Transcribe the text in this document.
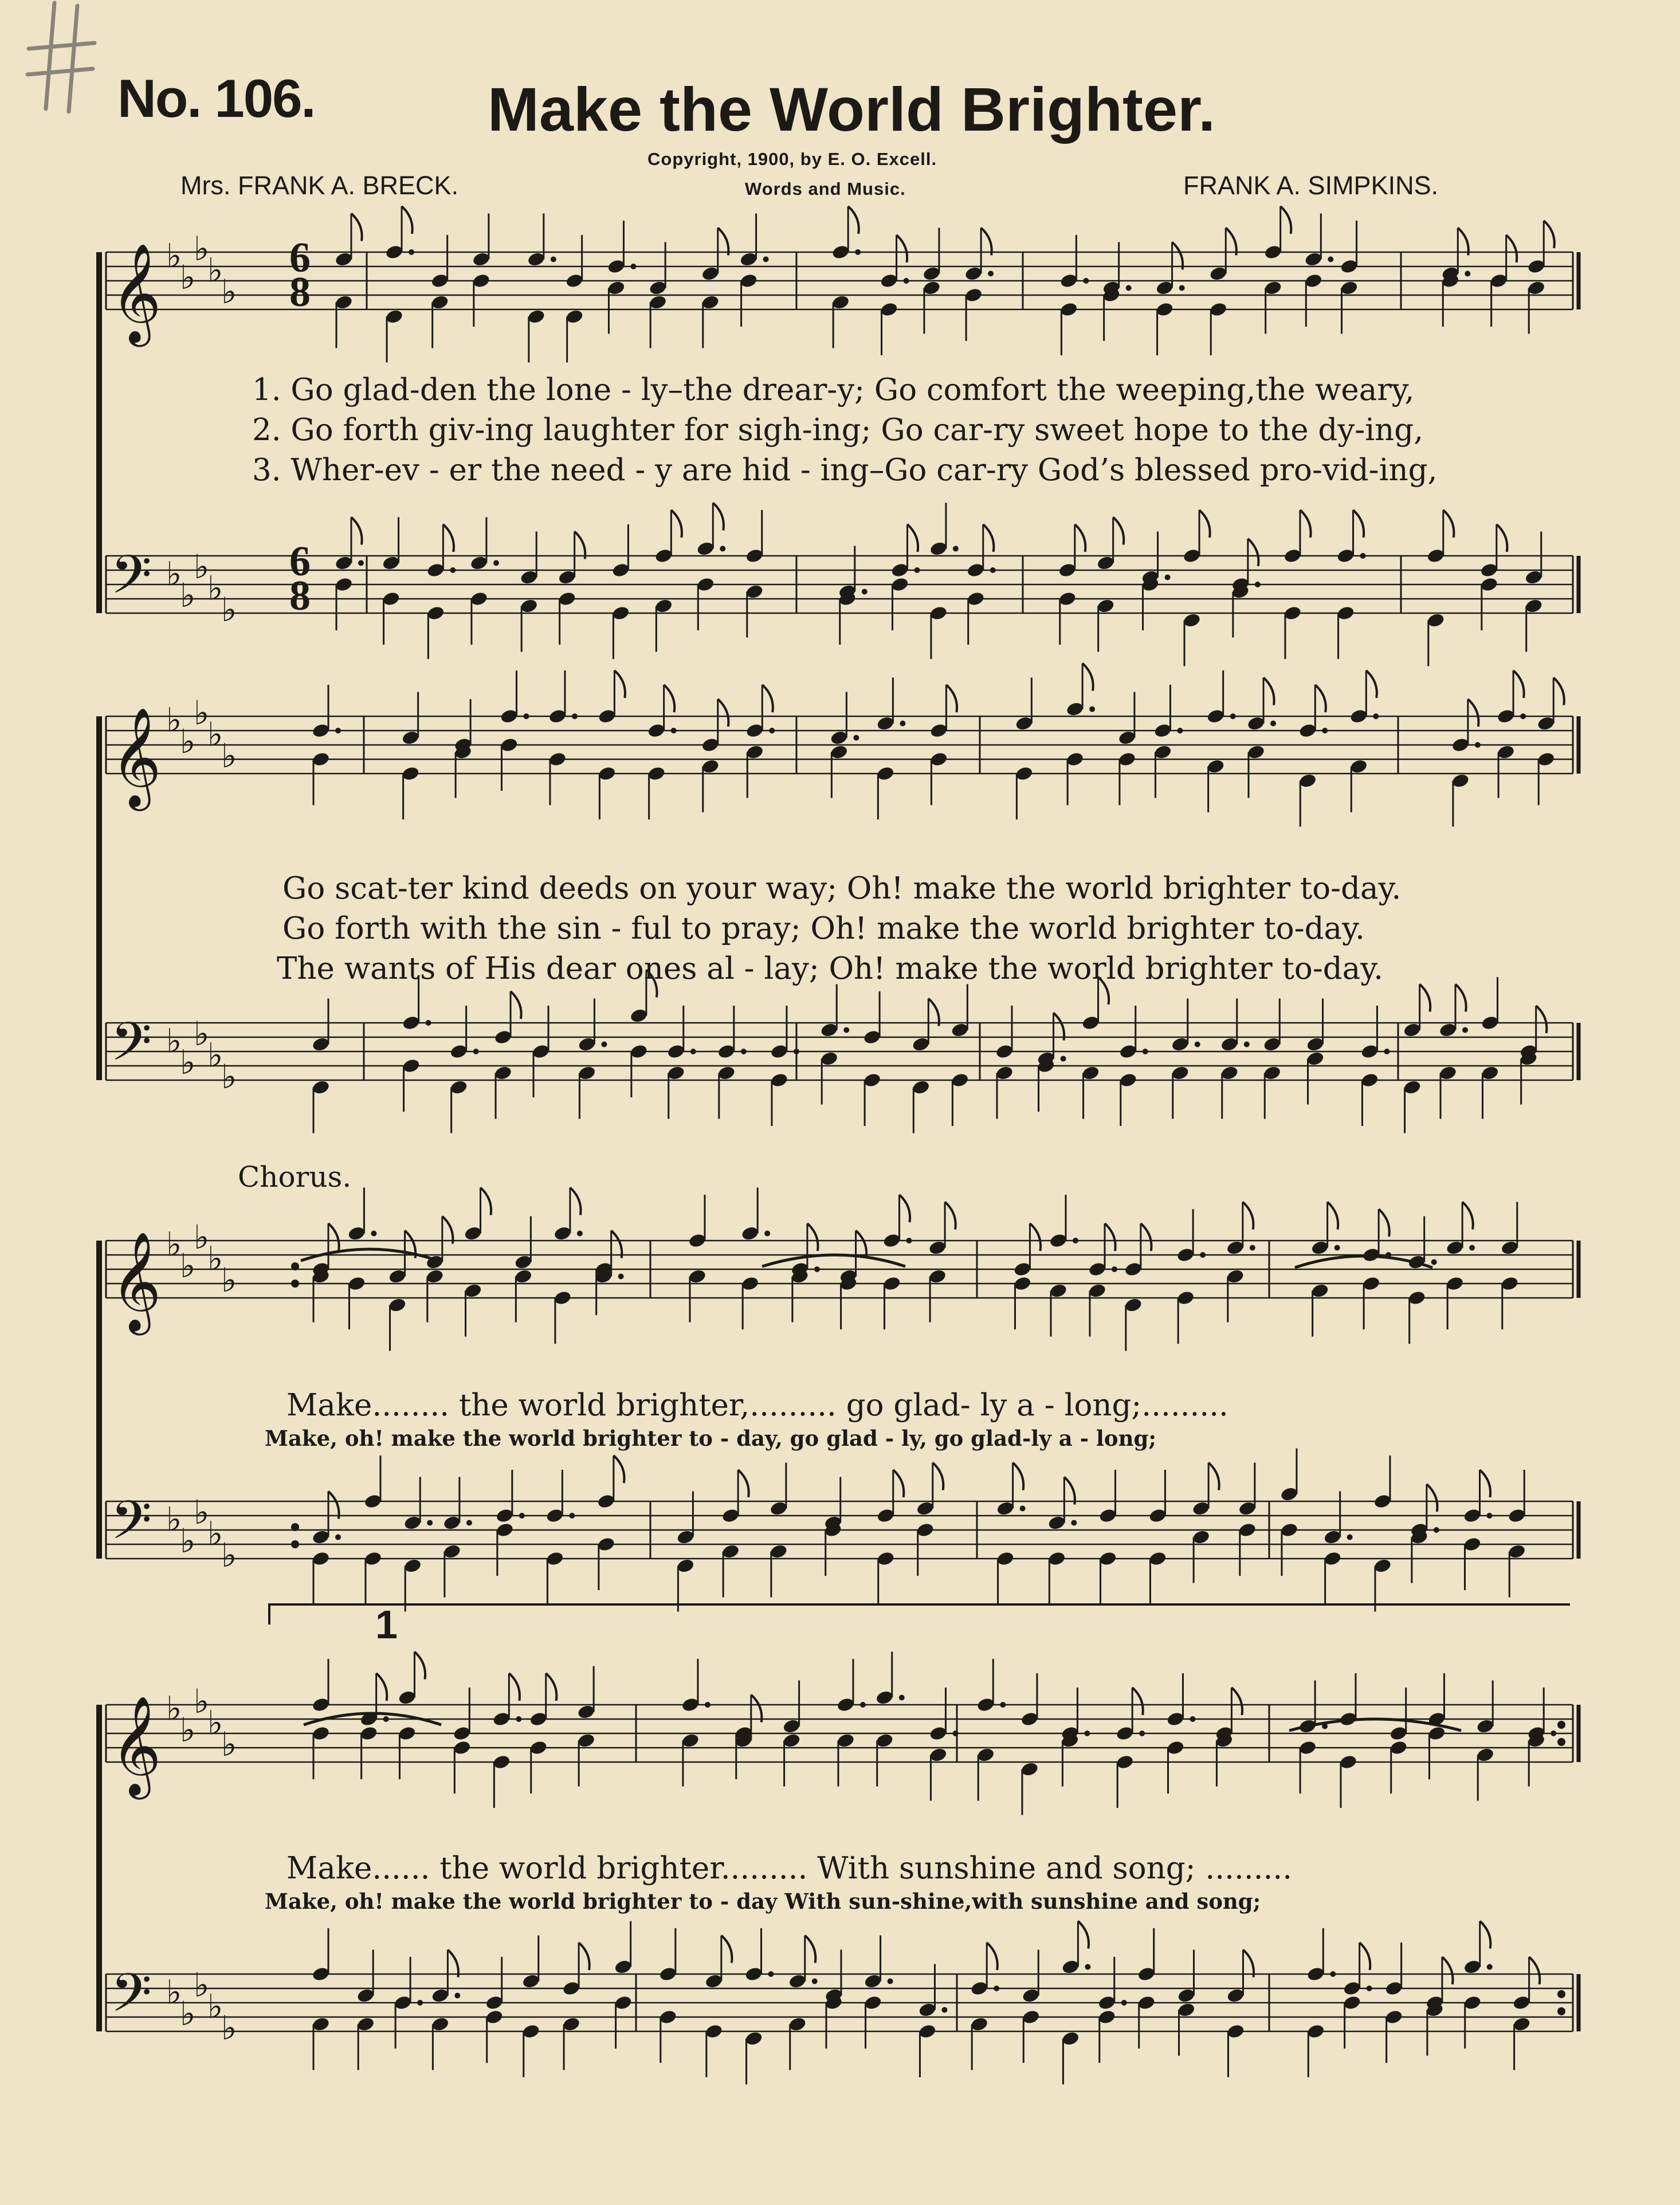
No. 106.	Make the World Brighter.
Copyright, 1900, by E. O. Excell.
Words and Music.
Mrs. FRANK A. BRECK.	FRANK A. SIMPKINS.
𝄞 ♭
♭
♭
♭
♭
𝄢 ♭
♭
♭
♭
♭
𝄞 ♭
♭
♭
♭
♭
𝄢 ♭
♭
♭
♭
♭
𝄞 ♭
♭
♭
♭
♭
𝄢 ♭
♭
♭
♭
♭
𝄞 ♭
♭
♭
♭
♭
𝄢 ♭
♭
♭
♭
♭
6
8
6
8
1. Go glad-den the lone - ly–the drear-y; Go comfort the weeping,the weary,
2. Go forth giv-ing laughter for sigh-ing; Go car-ry sweet hope to the dy-ing,
3. Wher-ev - er the need - y are hid - ing–Go car-ry God’s blessed pro-vid-ing,
Go scat-ter kind deeds on your way; Oh! make the world brighter to-day.
Go forth with the sin - ful to pray; Oh! make the world brighter to-day.
The wants of His dear ones al - lay; Oh! make the world brighter to-day.
Chorus.
Make........ the world brighter,......... go glad- ly a - long;.........
Make, oh! make the world brighter to - day, go glad - ly, go glad-ly a - long;
Make...... the world brighter......... With sunshine and song; .........
Make, oh! make the world brighter to - day With sun-shine,with sunshine and song;
1
